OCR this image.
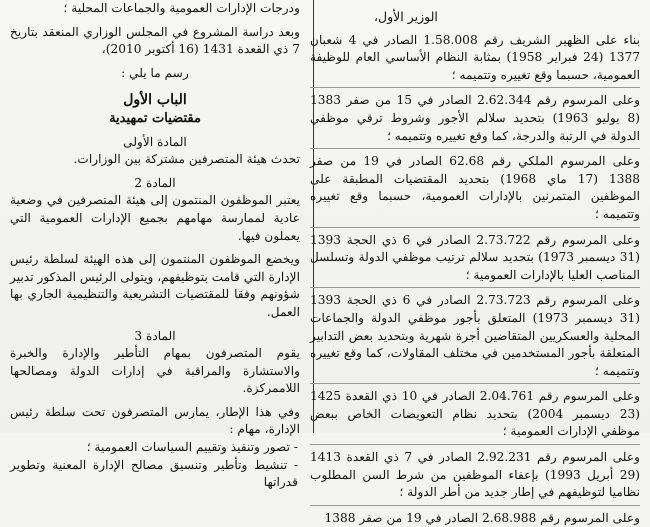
الوزير الأول،

بناء على الظهير الشريف رقم 1.58.008 الصادر في 4 شعبان 1377 (24 فبراير 1958) بمثابة النظام الأساسي العام للوظيفة العمومية، حسبما وقع تغييره وتتميمه ؛

وعلى المرسوم رقم 2.62.344 الصادر في 15 من صفر 1383 (8 يوليو 1963) بتحديد سلالم الأجور وشروط ترقي موظفي الدولة في الرتبة والدرجة، كما وقع تغييره وتتميمه ؛

وعلى المرسوم الملكي رقم 62.68 الصادر في 19 من صفر 1388 (17 ماي 1968) بتحديد المقتضيات المطبقة على الموظفين المتمرنين بالإدارات العمومية، حسبما وقع تغييره وتتميمه ؛

وعلى المرسوم رقم 2.73.722 الصادر في 6 ذي الحجة 1393 (31 ديسمبر 1973) بتحديد سلالم ترتيب موظفي الدولة وتسلسل المناصب العليا بالإدارات العمومية ؛

وعلى المرسوم رقم 2.73.723 الصادر في 6 ذي الحجة 1393 (31 ديسمبر 1973) المتعلق بأجور موظفي الدولة والجماعات المحلية والعسكريين المتقاضين أجرة شهرية وبتحديد بعض التدابير المتعلقة بأجور المستخدمين في مختلف المقاولات، كما وقع تغييره وتتميمه ؛

وعلى المرسوم رقم 2.04.761 الصادر في 10 ذي القعدة 1425 (23 ديسمبر 2004) بتحديد نظام التعويضات الخاص ببعض موظفي الإدارات العمومية ؛

وعلى المرسوم رقم 2.92.231 الصادر في 7 ذي القعدة 1413 (29 أبريل 1993) بإعفاء الموظفين من شرط السن المطلوب نظاميا لتوظيفهم في إطار جديد من أطر الدولة ؛

وعلى المرسوم رقم 2.68.988 الصادر في 19 من صفر 1388

ودرجات الإدارات العمومية والجماعات المحلية ؛

وبعد دراسة المشروع في المجلس الوزاري المنعقد بتاريخ 7 ذي القعدة 1431 (16 أكتوبر 2010)،

رسم ما يلي :

الباب الأول

مقتضيات تمهيدية

المادة الأولى

تحدث هيئة المتصرفين مشتركة بين الوزارات.

المادة 2

يعتبر الموظفون المنتمون إلى هيئة المتصرفين في وضعية عادية لممارسة مهامهم بجميع الإدارات العمومية التي يعملون فيها.

ويخضع الموظفون المنتمون إلى هذه الهيئة لسلطة رئيس الإدارة التي قامت بتوظيفهم، ويتولى الرئيس المذكور تدبير شؤونهم وفقا للمقتضيات التشريعية والتنظيمية الجاري بها العمل.

المادة 3

يقوم المتصرفون بمهام التأطير والإدارة والخبرة والاستشارة والمراقبة في إدارات الدولة ومصالحها اللاممركزة.

وفي هذا الإطار، يمارس المتصرفون تحت سلطة رئيس الإدارة، مهام :

- تصور وتنفيذ وتقييم السياسات العمومية ؛

- تنشيط وتأطير وتنسيق مصالح الإدارة المعنية وتطوير قدراتها
